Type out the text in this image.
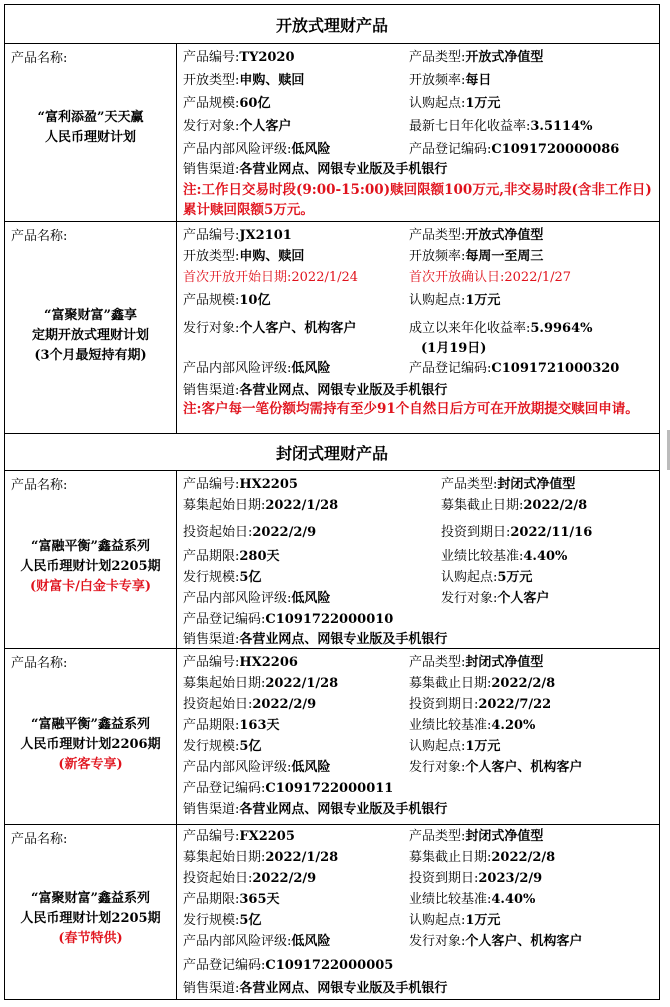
开放式理财产品
产品名称:
“富利添盈”天天赢
人民币理财计划
产品编号:TY2020	产品类型:开放式净值型
开放类型:申购、赎回	开放频率:每日
产品规模:60亿	认购起点:1万元
发行对象:个人客户	最新七日年化收益率:3.5114%
产品内部风险评级:低风险	产品登记编码:C1091720000086
销售渠道:各营业网点、网银专业版及手机银行
注:工作日交易时段(9:00-15:00)赎回限额100万元,非交易时段(含非工作日)累计赎回限额5万元。
产品名称:
“富聚财富”鑫享
定期开放式理财计划
(3个月最短持有期)
产品编号:JX2101	产品类型:开放式净值型
开放类型:申购、赎回	开放频率:每周一至周三
首次开放开始日期:2022/1/24	首次开放确认日:2022/1/27
产品规模:10亿	认购起点:1万元
发行对象:个人客户、机构客户	成立以来年化收益率:5.9964%
(1月19日)
产品内部风险评级:低风险	产品登记编码:C1091721000320
销售渠道:各营业网点、网银专业版及手机银行
注:客户每一笔份额均需持有至少91个自然日后方可在开放期提交赎回申请。
封闭式理财产品
产品名称:
“富融平衡”鑫益系列
人民币理财计划2205期
(财富卡/白金卡专享)
产品编号:HX2205	产品类型:封闭式净值型
募集起始日期:2022/1/28	募集截止日期:2022/2/8
投资起始日:2022/2/9	投资到期日:2022/11/16
产品期限:280天	业绩比较基准:4.40%
发行规模:5亿	认购起点:5万元
产品内部风险评级:低风险	发行对象:个人客户
产品登记编码:C1091722000010
销售渠道:各营业网点、网银专业版及手机银行
产品名称:
“富融平衡”鑫益系列
人民币理财计划2206期
(新客专享)
产品编号:HX2206	产品类型:封闭式净值型
募集起始日期:2022/1/28	募集截止日期:2022/2/8
投资起始日:2022/2/9	投资到期日:2022/7/22
产品期限:163天	业绩比较基准:4.20%
发行规模:5亿	认购起点:1万元
产品内部风险评级:低风险	发行对象:个人客户、机构客户
产品登记编码:C1091722000011
销售渠道:各营业网点、网银专业版及手机银行
产品名称:
“富聚财富”鑫益系列
人民币理财计划2205期
(春节特供)
产品编号:FX2205	产品类型:封闭式净值型
募集起始日期:2022/1/28	募集截止日期:2022/2/8
投资起始日:2022/2/9	投资到期日:2023/2/9
产品期限:365天	业绩比较基准:4.40%
发行规模:5亿	认购起点:1万元
产品内部风险评级:低风险	发行对象:个人客户、机构客户
产品登记编码:C1091722000005
销售渠道:各营业网点、网银专业版及手机银行
